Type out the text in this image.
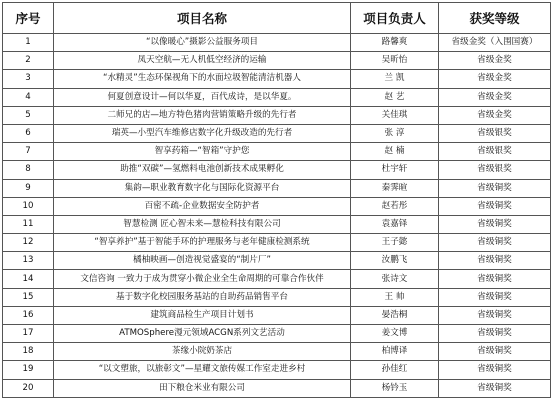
序号	项目名称	项目负责人	获奖等级
1	“以像暖心”摄影公益服务项目	路馨爽	省级金奖（入围国赛）
2	凤天空航—无人机低空经济的运输	吴昕怡	省级金奖
3	“水精灵”生态环保视角下的水面垃圾智能清洁机器人	兰 凯	省级金奖
4	何夏创意设计—何以华夏，百代成诗，是以华夏。	赵 艺	省级金奖
5	二师兄的店—地方特色猪肉营销策略升级的先行者	关佳琪	省级金奖
6	瑞英—小型汽车维修店数字化升级改造的先行者	张 淳	省级银奖
7	智享药箱—“智箱”守护您	赵 楠	省级银奖
8	助推“双碳”—氢燃料电池创新技术成果孵化	杜宇轩	省级银奖
9	集韵—职业教育数字化与国际化资源平台	秦霁暄	省级铜奖
10	百密不疏-企业数据安全防护者	赵若彤	省级铜奖
11	智慧检测 匠心智未来—慧检科技有限公司	袁嘉铎	省级铜奖
12	“智享养护”基于智能手环的护理服务与老年健康检测系统	王子懿	省级铜奖
13	橘柚映画—创造视觉盛宴的“制片厂”	汝鹏飞	省级铜奖
14	文信咨询 一致力于成为贯穿小微企业全生命周期的可靠合作伙伴	张诗文	省级铜奖
15	基于数字化校园服务基站的自助药品销售平台	王 帅	省级铜奖
16	建筑商品检生产项目计划书	晏浩桐	省级铜奖
17	ATMOSphere漫元领域ACGN系列文艺活动	姜文博	省级铜奖
18	茶缘小院奶茶店	柏博译	省级铜奖
19	“以文塑旅，以旅彰文”—星耀文旅传媒工作室走进乡村	孙佳红	省级铜奖
20	田下粮仓米业有限公司	杨钤玉	省级铜奖
